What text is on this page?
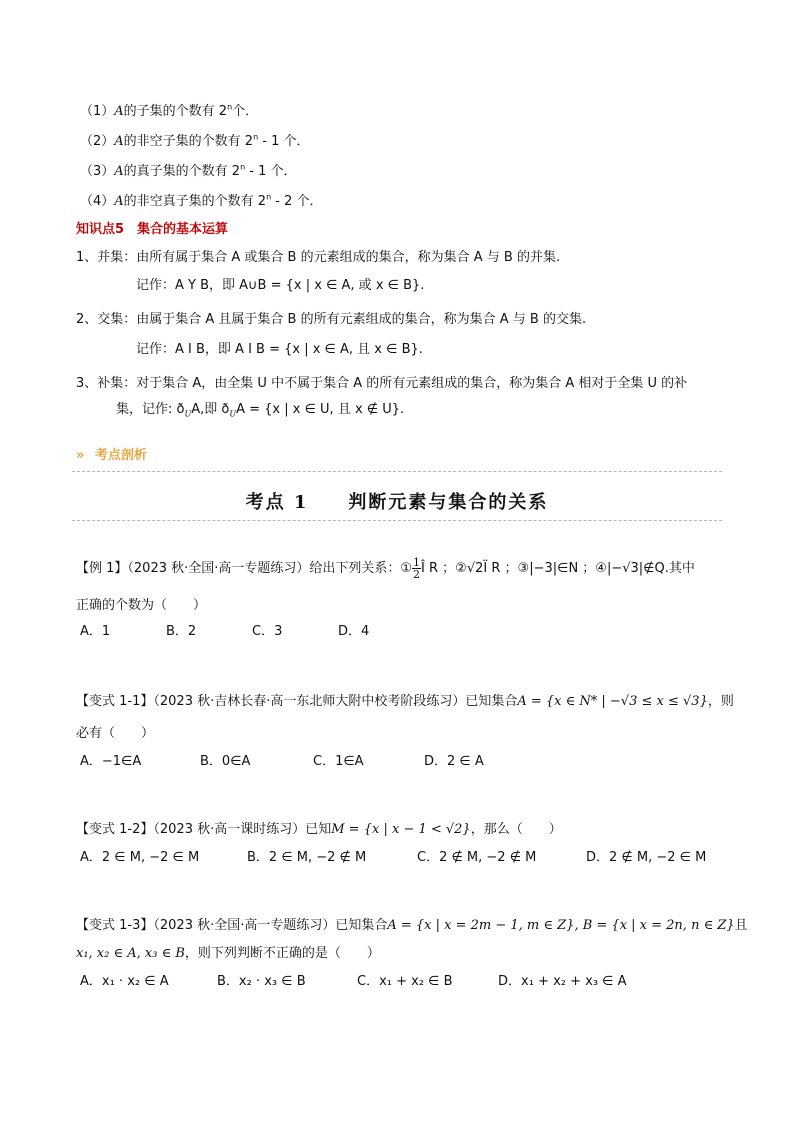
（1）A的子集的个数有 2$^n$个．
（2）A的非空子集的个数有 2$^n$ - 1 个．
（3）A的真子集的个数有 2$^n$ - 1 个．
（4）A的非空真子集的个数有 2$^n$ - 2 个．
知识点5　集合的基本运算
1、并集：由所有属于集合 A 或集合 B 的元素组成的集合，称为集合 A 与 B 的并集.
记作：A Y B，即 A∪B = {x | x ∈ A, 或 x ∈ B}.
2、交集：由属于集合 A 且属于集合 B 的所有元素组成的集合，称为集合 A 与 B 的交集.
记作：A I B，即 A I B = {x | x ∈ A, 且 x ∈ B}.
3、补集：对于集合 A，由全集 U 中不属于集合 A 的所有元素组成的集合，称为集合 A 相对于全集 U 的补
集，记作: $ð_UA$,即 $ð_UA = \{x$ | x ∈ U, 且 x ∉ U}.
» 考点剖析
考点 1　　判断元素与集合的关系
【例 1】（2023 秋·全国·高一专题练习）给出下列关系：① $\frac{1}{2}$ Î R ；②√2Ï R ；③|−3|∈N ；④|−√3|∉Q.其中
正确的个数为（　　）
A．1	B．2	C．3	D．4
【变式 1-1】（2023 秋·吉林长春·高一东北师大附中校考阶段练习）已知集合A = {x ∈ N* | −√3 ≤ x ≤ √3}，则
必有（　　）
A．−1∈A	B．0∈A	C．1∈A	D．2 ∈ A
【变式 1-2】（2023 秋·高一课时练习）已知M = {x | x − 1 < √2}，那么（　　）
A．2 ∈ M, −2 ∈ M	B．2 ∈ M, −2 ∉ M	C．2 ∉ M, −2 ∉ M	D．2 ∉ M, −2 ∈ M
【变式 1-3】（2023 秋·全国·高一专题练习）已知集合A = {x | x = 2m − 1, m ∈ Z}, B = {x | x = 2n, n ∈ Z}且
x₁, x₂ ∈ A, x₃ ∈ B，则下列判断不正确的是（　　）
A．x₁ · x₂ ∈ A	B．x₂ · x₃ ∈ B	C．x₁ + x₂ ∈ B	D．x₁ + x₂ + x₃ ∈ A
